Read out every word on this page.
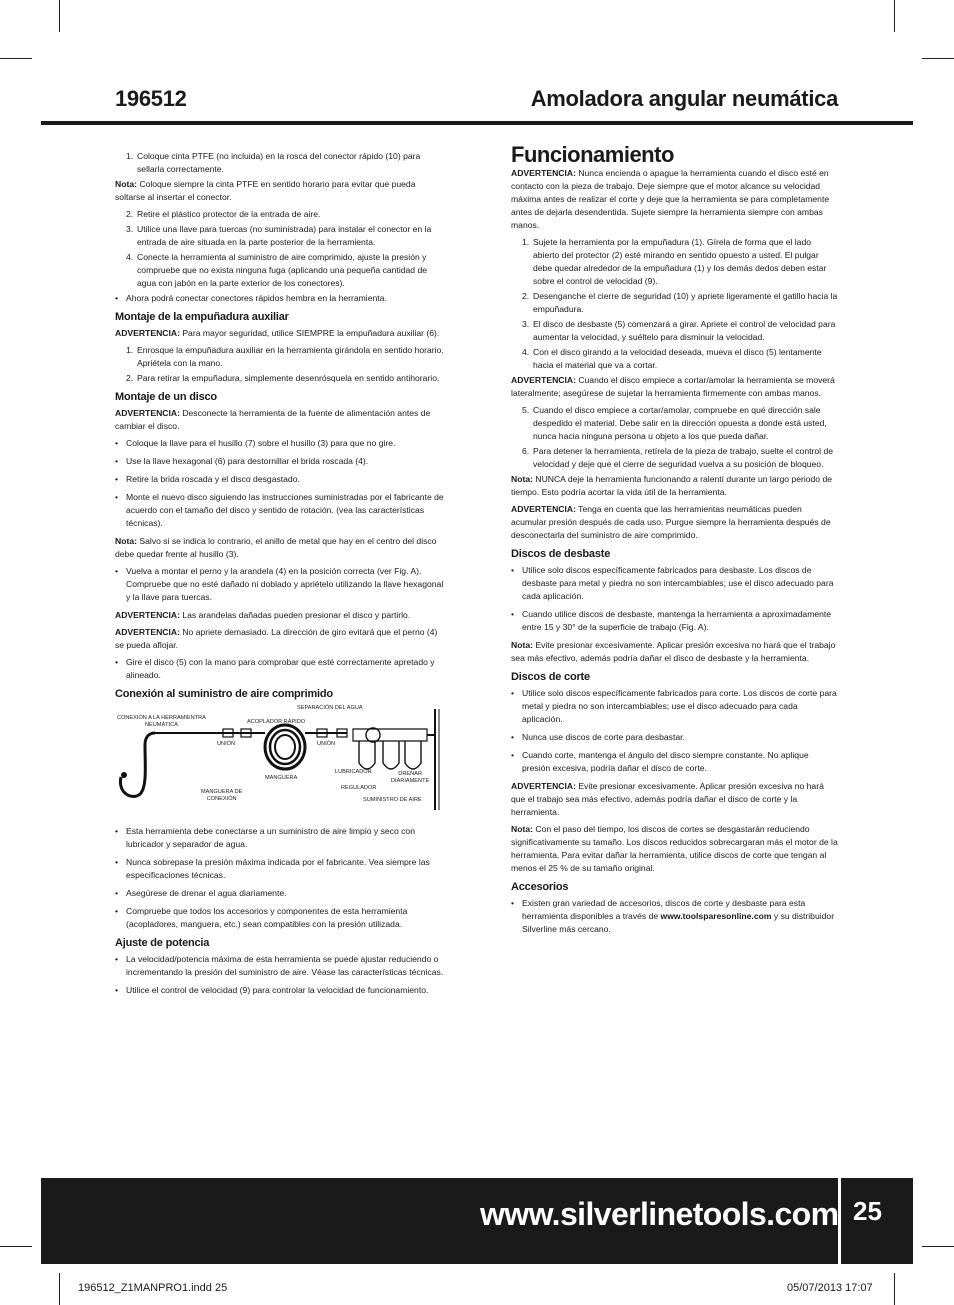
196512	Amoladora angular neumática
1. Coloque cinta PTFE (no incluida) en la rosca del conector rápido (10) para sellarla correctamente.
Nota: Coloque siempre la cinta PTFE en sentido horario para evitar que pueda soltarse al insertar el conector.
2. Retire el plástico protector de la entrada de aire.
3. Utilice una llave para tuercas (no suministrada) para instalar el conector en la entrada de aire situada en la parte posterior de la herramienta.
4. Conecte la herramienta al suministro de aire comprimido, ajuste la presión y compruebe que no exista ninguna fuga (aplicando una pequeña cantidad de agua con jabón en la parte exterior de los conectores).
• Ahora podrá conectar conectores rápidos hembra en la herramienta.
Montaje de la empuñadura auxiliar
ADVERTENCIA: Para mayor seguridad, utilice SIEMPRE la empuñadura auxiliar (6).
1. Enrosque la empuñadura auxiliar en la herramienta girándola en sentido horario. Apriétela con la mano.
2. Para retirar la empuñadura, simplemente desenrósquela en sentido antihorario.
Montaje de un disco
ADVERTENCIA: Desconecte la herramienta de la fuente de alimentación antes de cambiar el disco.
• Coloque la llave para el husillo (7) sobre el husillo (3) para que no gire.
• Use la llave hexagonal (6) para destornillar el brida roscada (4).
• Retire la brida roscada y el disco desgastado.
• Monte el nuevo disco siguiendo las instrucciones suministradas por el fabricante de acuerdo con el tamaño del disco y sentido de rotación. (vea las características técnicas).
Nota: Salvo si se indica lo contrario, el anillo de metal que hay en el centro del disco debe quedar frente al husillo (3).
• Vuelva a montar el perno y la arandela (4) en la posición correcta (ver Fig. A). Compruebe que no esté dañado ni doblado y apriételo utilizando la llave hexagonal y la llave para tuercas.
ADVERTENCIA: Las arandelas dañadas pueden presionar el disco y partirlo.
ADVERTENCIA: No apriete demasiado. La dirección de giro evitará que el perno (4) se pueda aflojar.
• Gire el disco (5) con la mano para comprobar que esté correctamente apretado y alineado.
Conexión al suministro de aire comprimido
CONEXIÓN A LA HERRAMIENTRA
NEUMÁTICA	ACOPLADOR RÁPIDO
SEPARACIÓN DEL AGUA
UNIÓN	UNIÓN
MANGUERA
LUBRICADOR	DRENAR
DIARIAMENTE
REGULADOR
MANGUERA DE
CONEXIÓN	SUMINISTRO DE AIRE
• Esta herramienta debe conectarse a un suministro de aire limpio y seco con lubricador y separador de agua.
• Nunca sobrepase la presión máxima indicada por el fabricante. Vea siempre las especificaciones técnicas.
• Asegúrese de drenar el agua diariamente.
• Compruebe que todos los accesorios y componentes de esta herramienta (acopladores, manguera, etc.) sean compatibles con la presión utilizada.
Ajuste de potencia
• La velocidad/potencia máxima de esta herramienta se puede ajustar reduciendo o incrementando la presión del suministro de aire. Véase las características técnicas.
• Utilice el control de velocidad (9) para controlar la velocidad de funcionamiento.
Funcionamiento
ADVERTENCIA: Nunca encienda o apague la herramienta cuando el disco esté en contacto con la pieza de trabajo. Deje siempre que el motor alcance su velocidad máxima antes de realizar el corte y deje que la herramienta se para completamente antes de dejarla desendentida. Sujete siempre la herramienta siempre con ambas manos.
1. Sujete la herramienta por la empuñadura (1). Gírela de forma que el lado abierto del protector (2) esté mirando en sentido opuesto a usted. El pulgar debe quedar alrededor de la empuñadura (1) y los demás dedos deben estar sobre el control de velocidad (9).
2. Desenganche el cierre de seguridad (10) y apriete ligeramente el gatillo hacia la empuñadura.
3. El disco de desbaste (5) comenzará a girar. Apriete el control de velocidad para aumentar la velocidad, y suéltelo para disminuir la velocidad.
4. Con el disco girando a la velocidad deseada, mueva el disco (5) lentamente hacia el material que va a cortar.
ADVERTENCIA: Cuando el disco empiece a cortar/amolar la herramienta se moverá lateralmente; asegúrese de sujetar la herramienta firmemente con ambas manos.
5. Cuando el disco empiece a cortar/amolar, compruebe en qué dirección sale despedido el material. Debe salir en la dirección opuesta a donde está usted, nunca hacia ninguna persona u objeto a los que pueda dañar.
6. Para detener la herramienta, retírela de la pieza de trabajo, suelte el control de velocidad y deje que el cierre de seguridad vuelva a su posición de bloqueo.
Nota: NUNCA deje la herramienta funcionando a ralentí durante un largo periodo de tiempo. Esto podría acortar la vida útil de la herramienta.
ADVERTENCIA: Tenga en cuenta que las herramientas neumáticas pueden acumular presión después de cada uso. Purgue siempre la herramienta después de desconectarla del suministro de aire comprimido.
Discos de desbaste
• Utilice solo discos específicamente fabricados para desbaste. Los discos de desbaste para metal y piedra no son intercambiables; use el disco adecuado para cada aplicación.
• Cuando utilice discos de desbaste, mantenga la herramienta a aproximadamente entre 15 y 30° de la superficie de trabajo (Fig. A).
Nota: Evite presionar excesivamente. Aplicar presión excesiva no hará que el trabajo sea más efectivo, además podría dañar el disco de desbaste y la herramienta.
Discos de corte
• Utilice solo discos específicamente fabricados para corte. Los discos de corte para metal y piedra no son intercambiables; use el disco adecuado para cada aplicación.
• Nunca use discos de corte para desbastar.
• Cuando corte, mantenga el ángulo del disco siempre constante. No aplique presión excesiva, podría dañar el disco de corte.
ADVERTENCIA: Evite presionar excesivamente. Aplicar presión excesiva no hará que el trabajo sea más efectivo, además podría dañar el disco de corte y la herramienta.
Nota: Con el paso del tiempo, los discos de cortes se desgastarán reduciendo significativamente su tamaño. Los discos reducidos sobrecargaran más el motor de la herramienta. Para evitar dañar la herramienta, utilice discos de corte que tengan al menos el 25 % de su tamaño original.
Accesorios
• Existen gran variedad de accesorios, discos de corte y desbaste para esta herramienta disponibles a través de www.toolsparesonline.com y su distribuidor Silverline más cercano.
www.silverlinetools.com 25
196512_Z1MANPRO1.indd 25	05/07/2013 17:07
